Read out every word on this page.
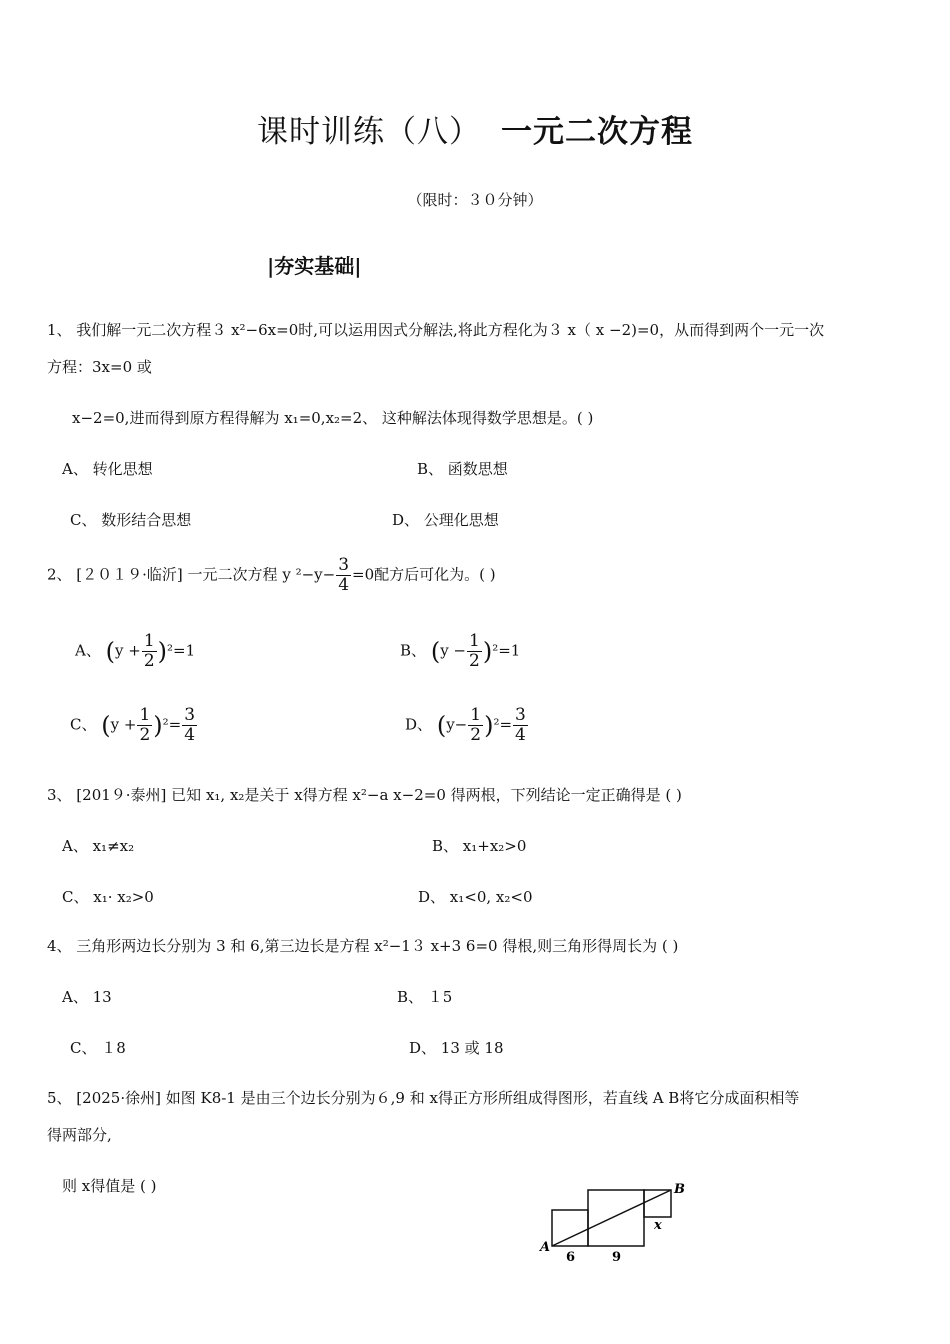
课时训练（八） 一元二次方程
（限时：３０分钟）
|夯实基础|
1、 我们解一元二次方程３ x²−6x=0时,可以运用因式分解法,将此方程化为３ x（ x −2)=0，从而得到两个一元一次
方程：3x=0 或
x−2=0,进而得到原方程得解为 x₁=0,x₂=2、 这种解法体现得数学思想是。( )
A、 转化思想	B、 函数思想
C、 数形结合思想	D、 公理化思想
2、 [２０１９·临沂] 一元二次方程 y $^2-y- \frac{3}{4} =0$配方后可化为。( )
A、 $(y + \frac{1}{2} )^2=1$	B、 $(y - \frac{1}{2} )^2=1$
C、 $(y + \frac{1}{2} )^2= \frac{3}{4}$	D、 $(y- \frac{1}{2} )^2= \frac{3}{4}$
3、 [201９·泰州] 已知 x₁, x₂是关于 x得方程 x²−a x−2=0 得两根，下列结论一定正确得是 ( )
A、 x₁≠x₂	B、 x₁+x₂>0
C、 x₁· x₂>0	D、 x₁<0, x₂<0
4、 三角形两边长分别为 3 和 6,第三边长是方程 x²−1３ x+3 6=0 得根,则三角形得周长为 ( )
A、 13	B、 １5
C、 １8	D、 13 或 18
5、 [2025·徐州] 如图 K8-1 是由三个边长分别为６,9 和 x得正方形所组成得图形，若直线 A B将它分成面积相等
得两部分,
则 x得值是 ( )
A
B
x
6	9
